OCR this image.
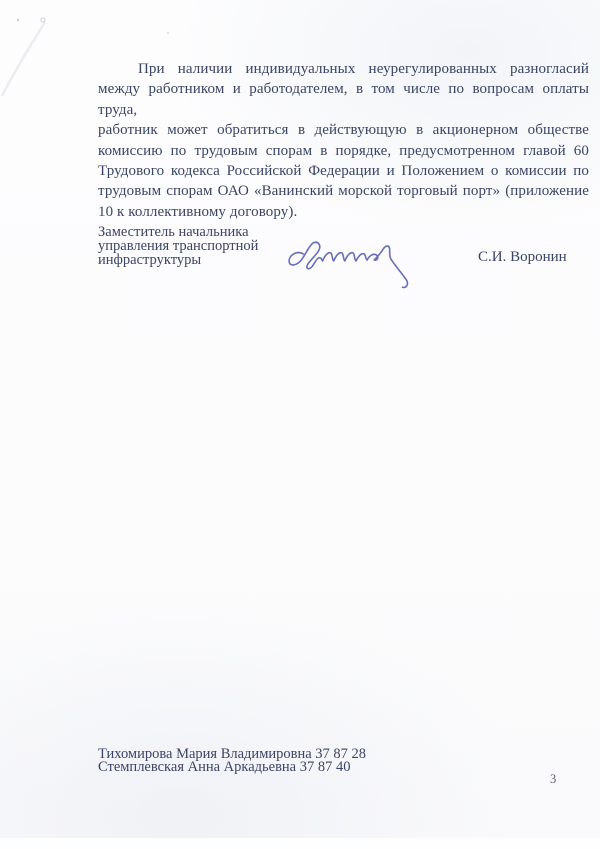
При наличии индивидуальных неурегулированных разногласий
между работником и работодателем, в том числе по вопросам оплаты труда,
работник может обратиться в действующую в акционерном обществе
комиссию по трудовым спорам в порядке, предусмотренном главой 60
Трудового кодекса Российской Федерации и Положением о комиссии по
трудовым спорам ОАО «Ванинский морской торговый порт» (приложение
10 к коллективному договору).
Заместитель начальника
управления транспортной
инфраструктуры	С.И. Воронин
Тихомирова Мария Владимировна 37 87 28
Стемплевская Анна Аркадьевна 37 87 40
3
